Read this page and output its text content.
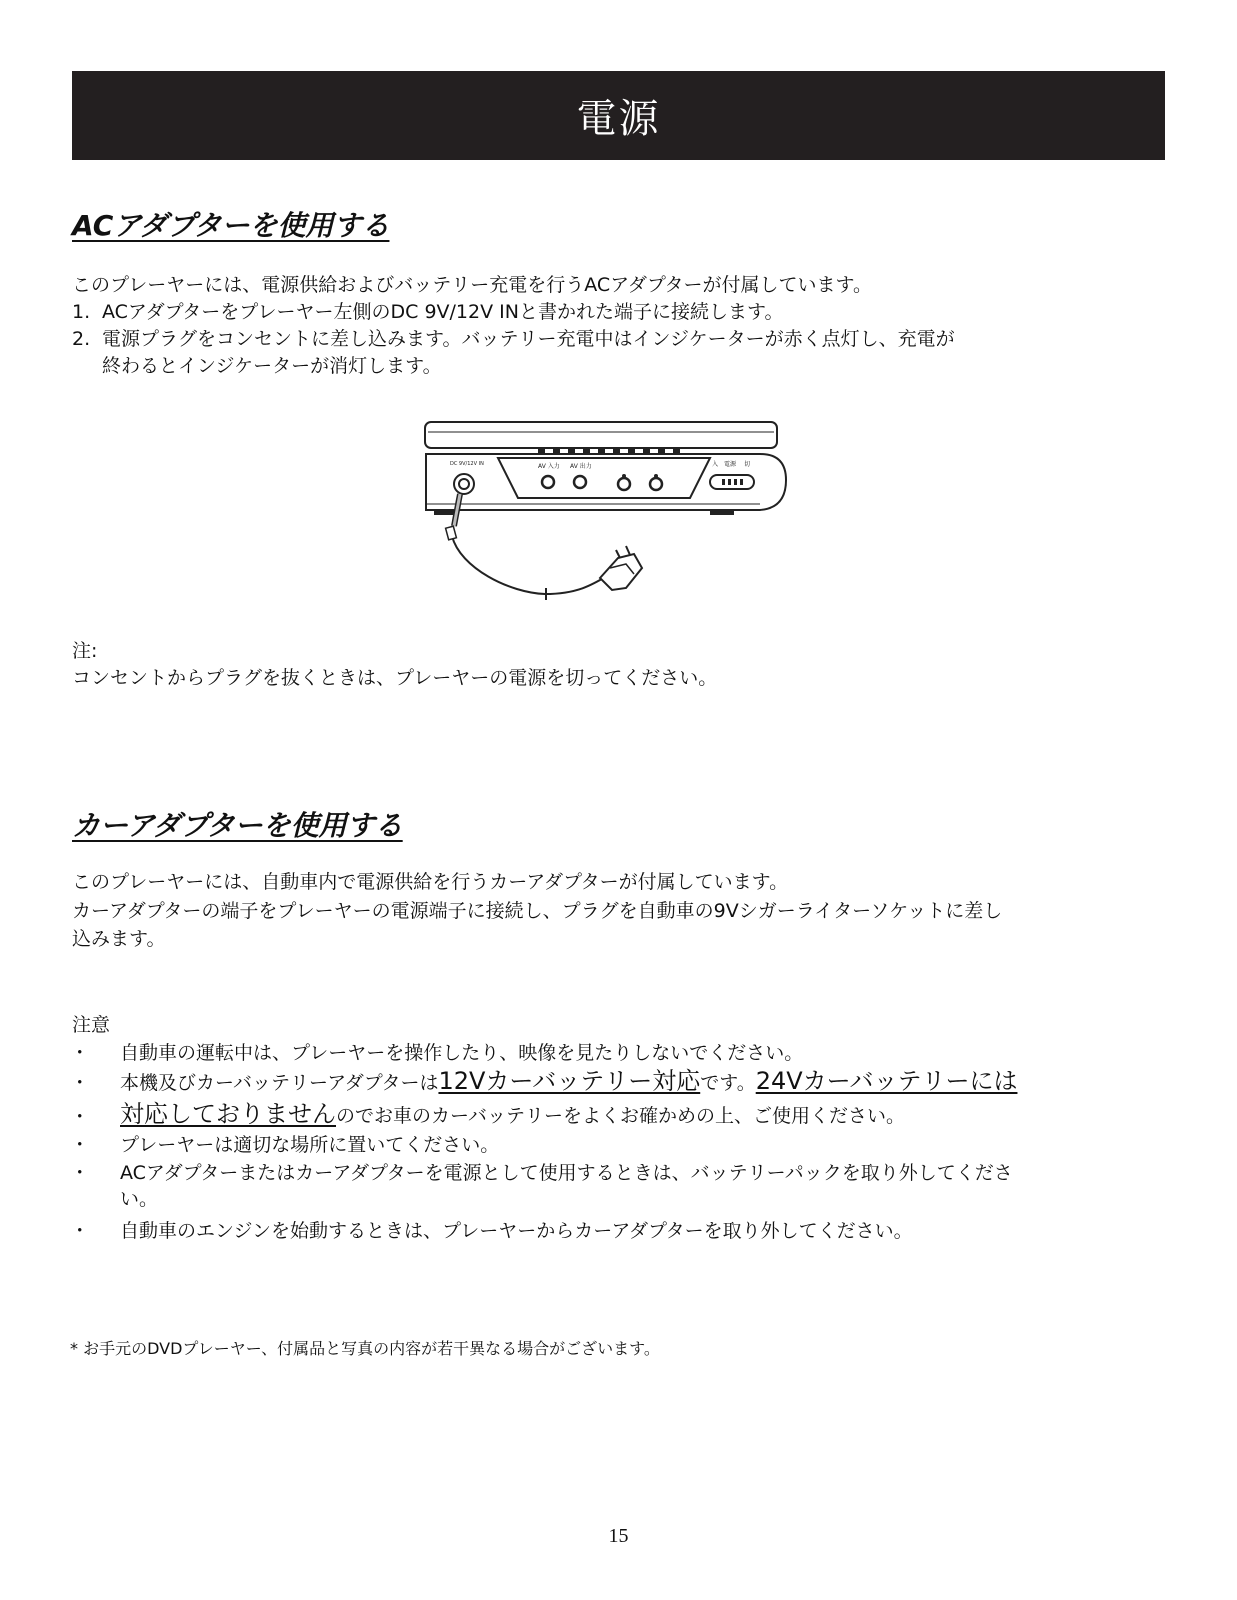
電源
ACアダプターを使用する

このプレーヤーには、電源供給およびバッテリー充電を行うACアダプターが付属しています。

1. ACアダプターをプレーヤー左側のDC 9V/12V INと書かれた端子に接続します。

2. 電源プラグをコンセントに差し込みます。バッテリー充電中はインジケーターが赤く点灯し、充電が

終わるとインジケーターが消灯します。

DC 9V/12V IN	AV 入力 AV 出力	入 電源 切

注:

コンセントからプラグを抜くときは、プレーヤーの電源を切ってください。

カーアダプターを使用する

このプレーヤーには、自動車内で電源供給を行うカーアダプターが付属しています。

カーアダプターの端子をプレーヤーの電源端子に接続し、プラグを自動車の9Vシガーライターソケットに差し

込みます。

注意

･ 自動車の運転中は、プレーヤーを操作したり、映像を見たりしないでください。

･ 本機及びカーバッテリーアダプターは12Vカーバッテリー対応です。24Vカーバッテリーには

･ 対応しておりませんのでお車のカーバッテリーをよくお確かめの上、ご使用ください。

･ プレーヤーは適切な場所に置いてください。

･ ACアダプターまたはカーアダプターを電源として使用するときは、バッテリーパックを取り外してくださ

い。

･ 自動車のエンジンを始動するときは、プレーヤーからカーアダプターを取り外してください。

* お手元のDVDプレーヤー、付属品と写真の内容が若干異なる場合がございます。
15
